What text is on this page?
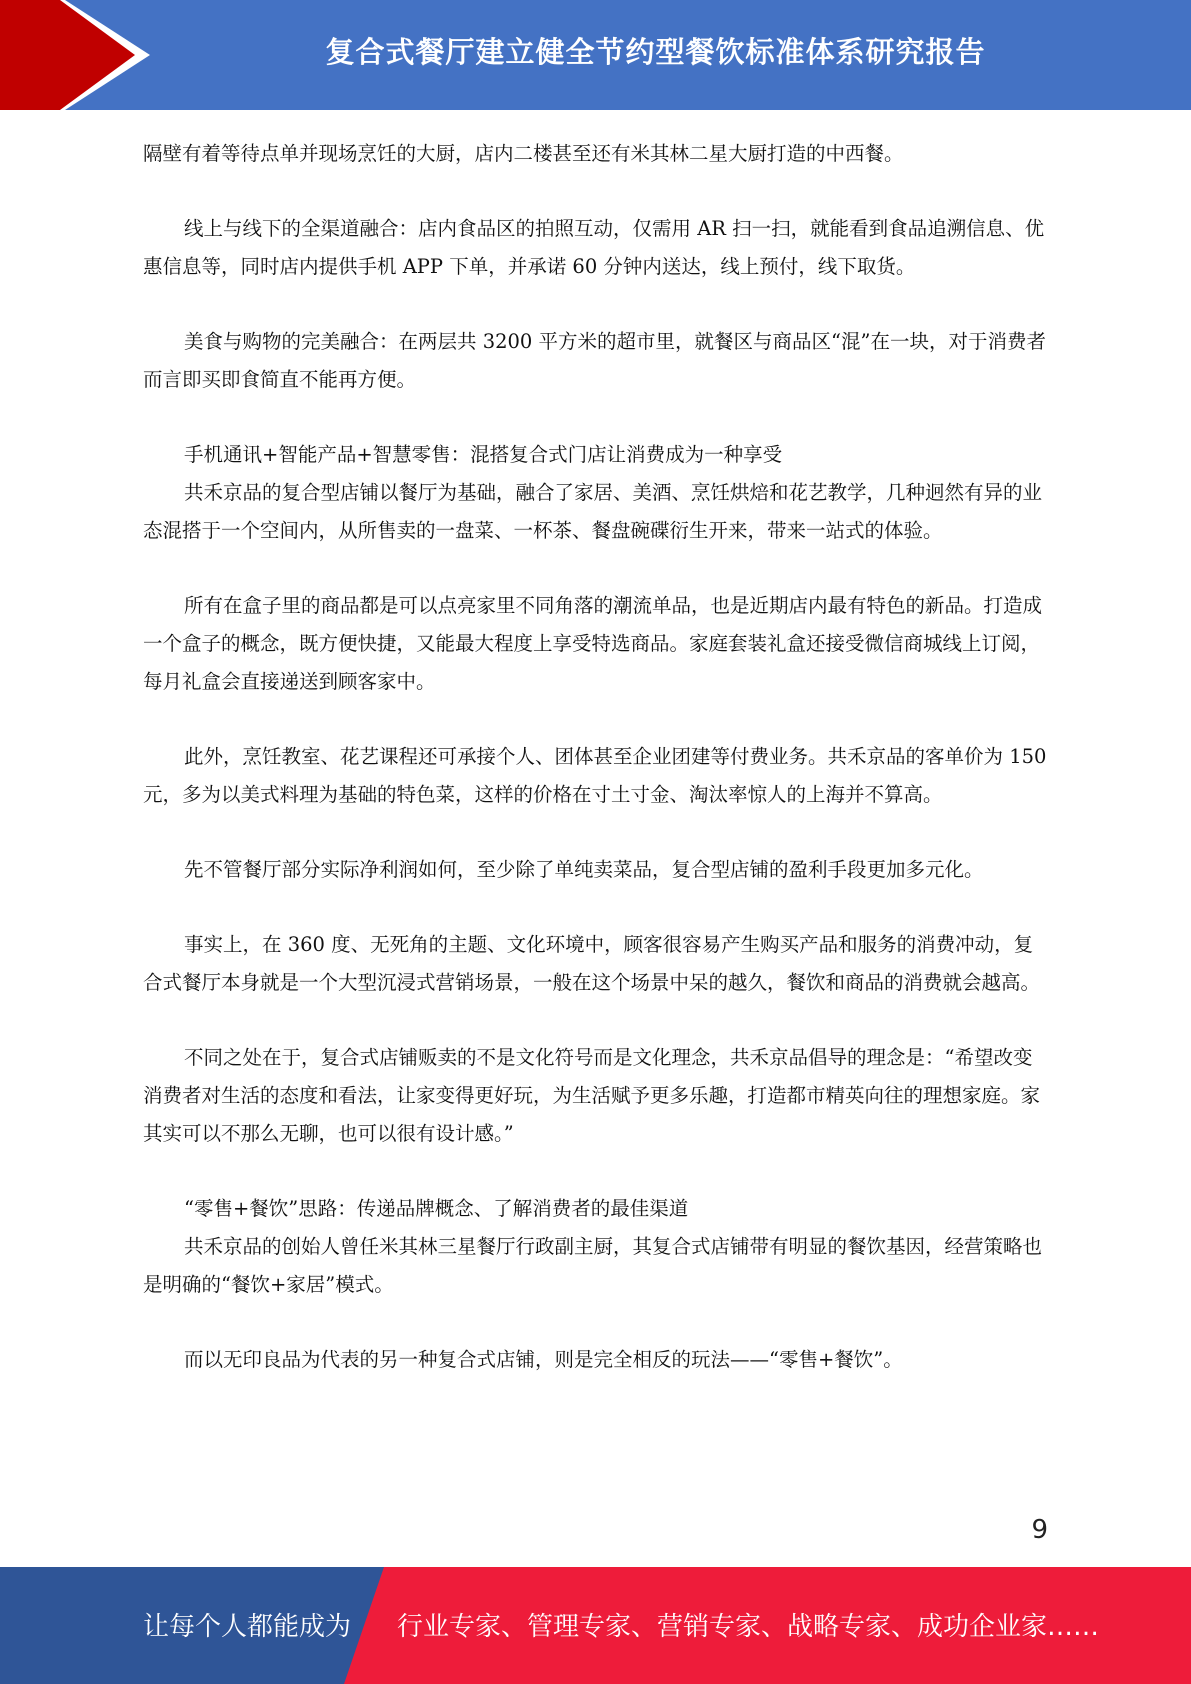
复合式餐厅建立健全节约型餐饮标准体系研究报告

隔壁有着等待点单并现场烹饪的大厨，店内二楼甚至还有米其林二星大厨打造的中西餐。

线上与线下的全渠道融合：店内食品区的拍照互动，仅需用 AR 扫一扫，就能看到食品追溯信息、优惠信息等，同时店内提供手机 APP 下单，并承诺 60 分钟内送达，线上预付，线下取货。

美食与购物的完美融合：在两层共 3200 平方米的超市里，就餐区与商品区“混”在一块，对于消费者而言即买即食简直不能再方便。

手机通讯+智能产品+智慧零售：混搭复合式门店让消费成为一种享受

共禾京品的复合型店铺以餐厅为基础，融合了家居、美酒、烹饪烘焙和花艺教学，几种迥然有异的业态混搭于一个空间内，从所售卖的一盘菜、一杯茶、餐盘碗碟衍生开来，带来一站式的体验。

所有在盒子里的商品都是可以点亮家里不同角落的潮流单品，也是近期店内最有特色的新品。打造成一个盒子的概念，既方便快捷，又能最大程度上享受特选商品。家庭套装礼盒还接受微信商城线上订阅，每月礼盒会直接递送到顾客家中。

此外，烹饪教室、花艺课程还可承接个人、团体甚至企业团建等付费业务。共禾京品的客单价为 150 元，多为以美式料理为基础的特色菜，这样的价格在寸土寸金、淘汰率惊人的上海并不算高。

先不管餐厅部分实际净利润如何，至少除了单纯卖菜品，复合型店铺的盈利手段更加多元化。

事实上，在 360 度、无死角的主题、文化环境中，顾客很容易产生购买产品和服务的消费冲动，复合式餐厅本身就是一个大型沉浸式营销场景，一般在这个场景中呆的越久，餐饮和商品的消费就会越高。

不同之处在于，复合式店铺贩卖的不是文化符号而是文化理念，共禾京品倡导的理念是：“希望改变消费者对生活的态度和看法，让家变得更好玩，为生活赋予更多乐趣，打造都市精英向往的理想家庭。家其实可以不那么无聊，也可以很有设计感。”

“零售+餐饮”思路：传递品牌概念、了解消费者的最佳渠道

共禾京品的创始人曾任米其林三星餐厅行政副主厨，其复合式店铺带有明显的餐饮基因，经营策略也是明确的“餐饮+家居”模式。

而以无印良品为代表的另一种复合式店铺，则是完全相反的玩法——“零售+餐饮”。

9
让每个人都能成为 行业专家、管理专家、营销专家、战略专家、成功企业家……
